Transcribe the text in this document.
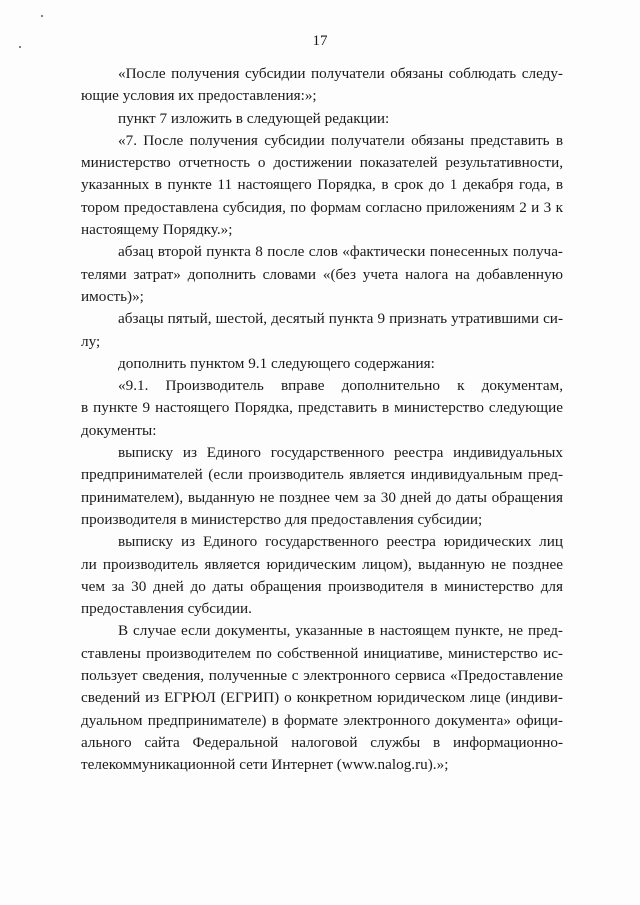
17
«После получения субсидии получатели обязаны соблюдать следу-
ющие условия их предоставления:»;
пункт 7 изложить в следующей редакции:
«7. После получения субсидии получатели обязаны представить в
министерство отчетность о достижении показателей результативности,
указанных в пункте 11 настоящего Порядка, в срок до 1 декабря года, в
тором предоставлена субсидия, по формам согласно приложениям 2 и 3 к
настоящему Порядку.»;
абзац второй пункта 8 после слов «фактически понесенных получа-
телями затрат» дополнить словами «(без учета налога на добавленную
имость)»;
абзацы пятый, шестой, десятый пункта 9 признать утратившими си-
лу;
дополнить пунктом 9.1 следующего содержания:
«9.1. Производитель вправе дополнительно к документам,
в пункте 9 настоящего Порядка, представить в министерство следующие
документы:
выписку из Единого государственного реестра индивидуальных
предпринимателей (если производитель является индивидуальным пред-
принимателем), выданную не позднее чем за 30 дней до даты обращения
производителя в министерство для предоставления субсидии;
выписку из Единого государственного реестра юридических лиц
ли производитель является юридическим лицом), выданную не позднее
чем за 30 дней до даты обращения производителя в министерство для
предоставления субсидии.
В случае если документы, указанные в настоящем пункте, не пред-
ставлены производителем по собственной инициативе, министерство ис-
пользует сведения, полученные с электронного сервиса «Предоставление
сведений из ЕГРЮЛ (ЕГРИП) о конкретном юридическом лице (индиви-
дуальном предпринимателе) в формате электронного документа» офици-
ального сайта Федеральной налоговой службы в информационно-
телекоммуникационной сети Интернет (www.nalog.ru).»;
